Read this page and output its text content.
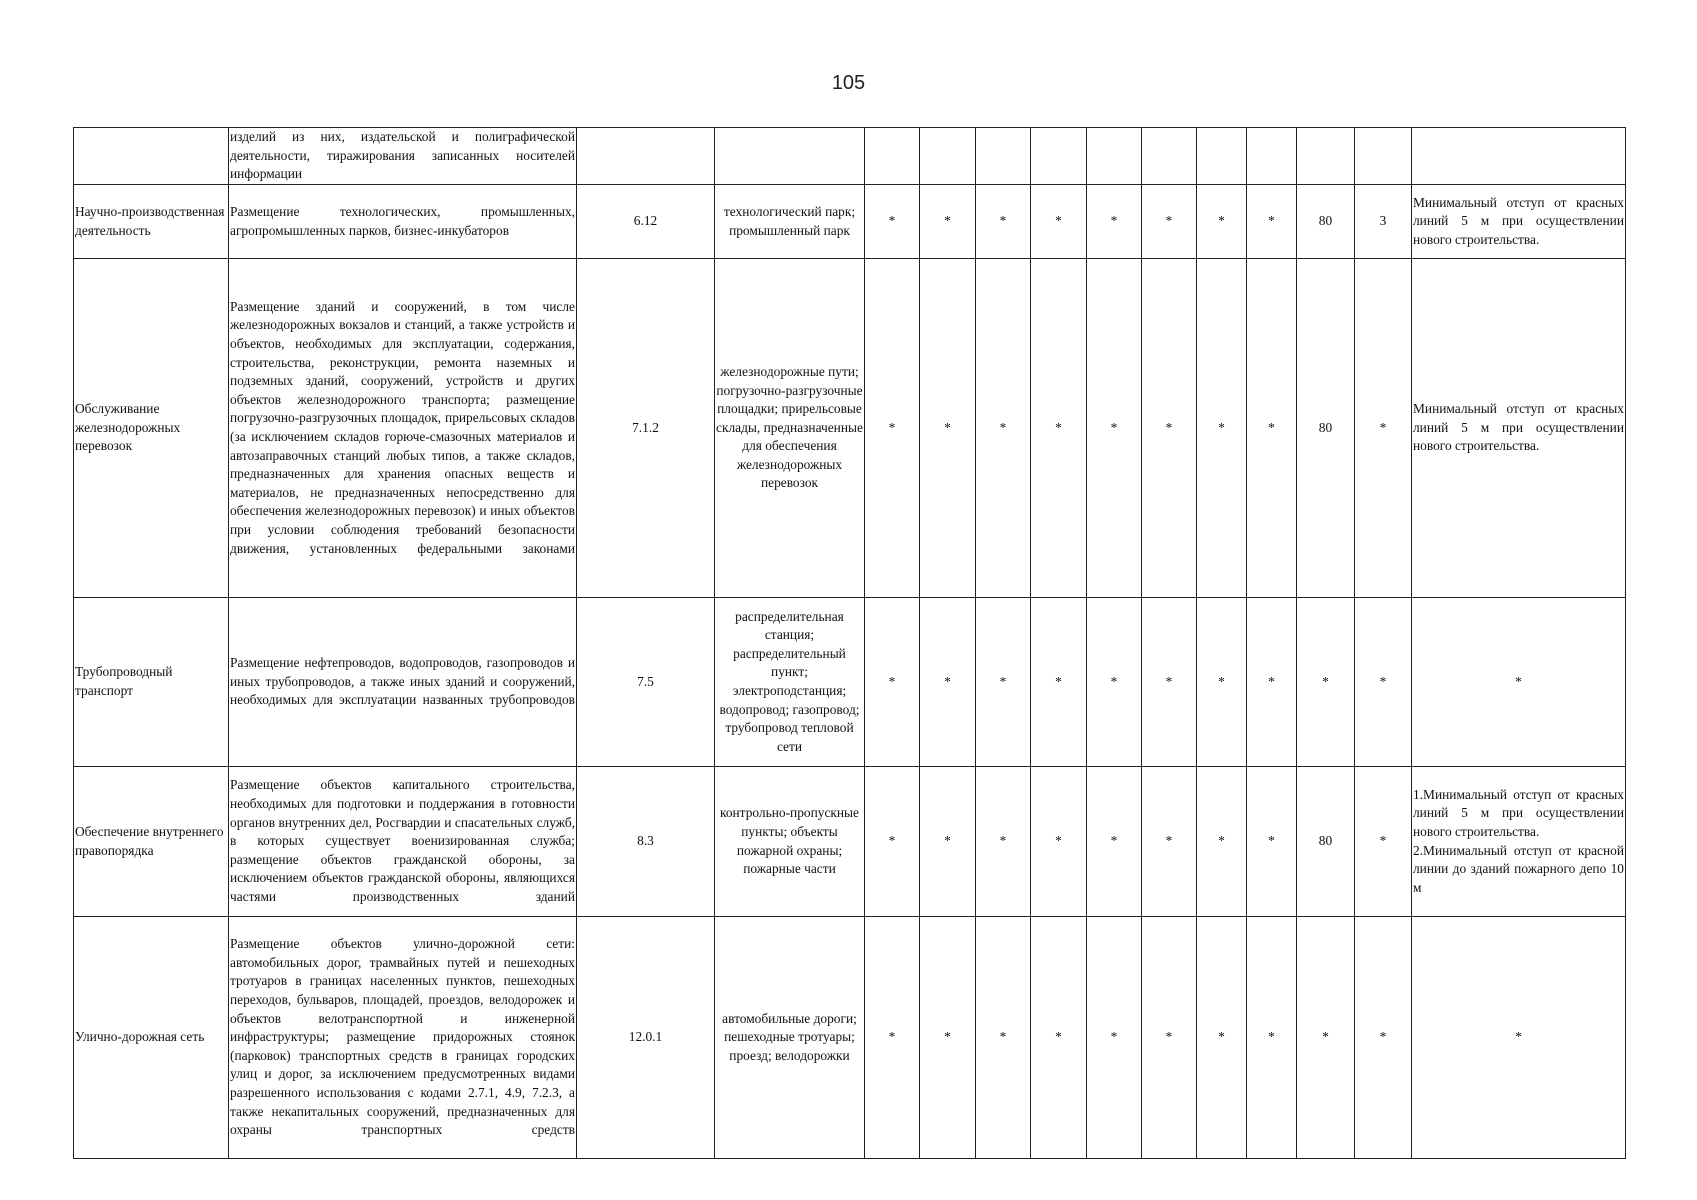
105
	изделий из них, издательской и полиграфической деятельности, тиражирования записанных носителей информации													
Научно-производственная деятельность	Размещение технологических, промышленных, агропромышленных парков, бизнес-инкубаторов	6.12	технологический парк; промышленный парк	*	*	*	*	*	*	*	*	80	3	Минимальный отступ от красных линий 5 м при осуществлении нового строительства.

Обслуживание железнодорожных перевозок	Размещение зданий и сооружений, в том числе железнодорожных вокзалов и станций, а также устройств и объектов, необходимых для эксплуатации, содержания, строительства, реконструкции, ремонта наземных и подземных зданий, сооружений, устройств и других объектов железнодорожного транспорта; размещение погрузочно-разгрузочных площадок, прирельсовых складов (за исключением складов горюче-смазочных материалов и автозаправочных станций любых типов, а также складов, предназначенных для хранения опасных веществ и материалов, не предназначенных непосредственно для обеспечения железнодорожных перевозок) и иных объектов при условии соблюдения требований безопасности движения, установленных федеральными законами	7.1.2	железнодорожные пути; погрузочно-разгрузочные площадки; прирельсовые склады, предназначенные для обеспечения железнодорожных перевозок	*	*	*	*	*	*	*	*	80	*	Минимальный отступ от красных линий 5 м при осуществлении нового строительства.

Трубопроводный транспорт	Размещение нефтепроводов, водопроводов, газопроводов и иных трубопроводов, а также иных зданий и сооружений, необходимых для эксплуатации названных трубопроводов	7.5	распределительная станция; распределительный пункт; электроподстанция; водопровод; газопровод; трубопровод тепловой сети	*	*	*	*	*	*	*	*	*	*	*
Обеспечение внутреннего правопорядка	Размещение объектов капитального строительства, необходимых для подготовки и поддержания в готовности органов внутренних дел, Росгвардии и спасательных служб, в которых существует военизированная служба; размещение объектов гражданской обороны, за исключением объектов гражданской обороны, являющихся частями производственных зданий	8.3	контрольно-пропускные пункты; объекты пожарной охраны; пожарные части	*	*	*	*	*	*	*	*	80	*	1.Минимальный отступ от красных линий 5 м при осуществлении нового строительства.

2.Минимальный отступ от красной линии до зданий пожарного депо 10 м

Улично-дорожная сеть	Размещение объектов улично-дорожной сети: автомобильных дорог, трамвайных путей и пешеходных тротуаров в границах населенных пунктов, пешеходных переходов, бульваров, площадей, проездов, велодорожек и объектов велотранспортной и инженерной инфраструктуры; размещение придорожных стоянок (парковок) транспортных средств в границах городских улиц и дорог, за исключением предусмотренных видами разрешенного использования с кодами 2.7.1, 4.9, 7.2.3, а также некапитальных сооружений, предназначенных для охраны транспортных средств	12.0.1	автомобильные дороги; пешеходные тротуары; проезд; велодорожки	*	*	*	*	*	*	*	*	*	*	*
